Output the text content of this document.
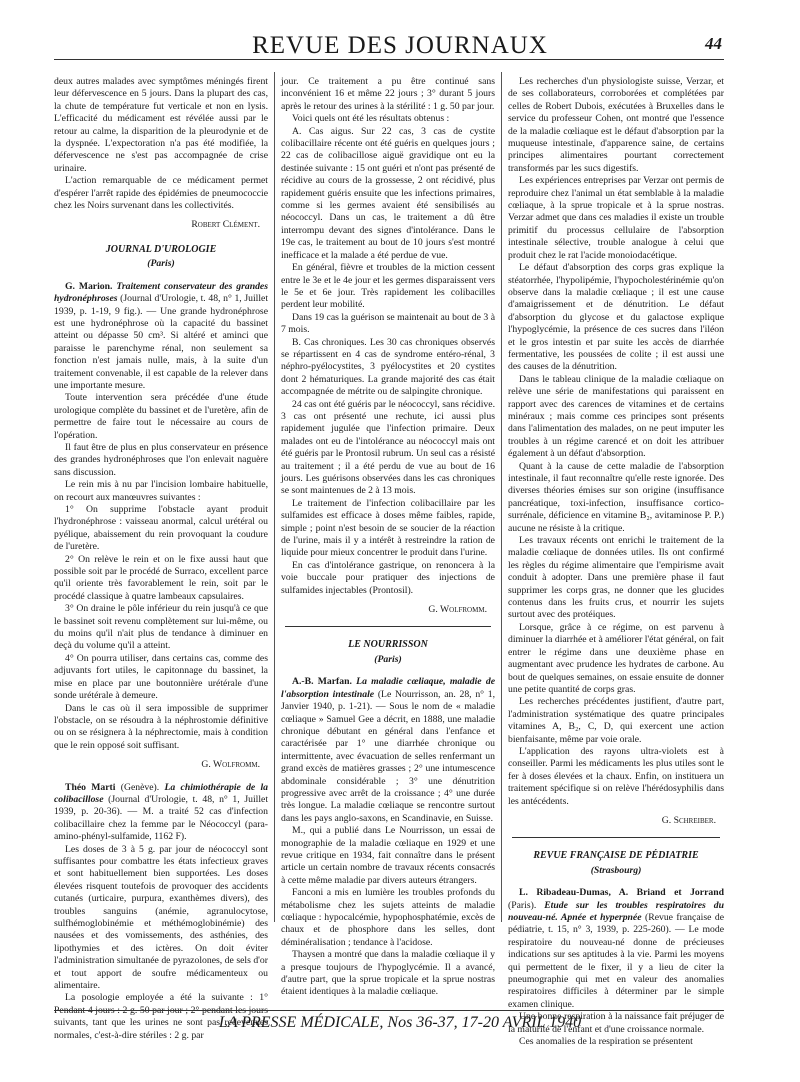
REVUE DES JOURNAUX	44

deux autres malades avec symptômes méningés firent leur défervescence en 5 jours. Dans la plupart des cas, la chute de température fut verticale et non en lysis. L'efficacité du médicament est révélée aussi par le retour au calme, la disparition de la pleurodynie et de la dyspnée. L'expectoration n'a pas été modifiée, la défervescence ne s'est pas accompagnée de crise urinaire.

L'action remarquable de ce médicament permet d'espérer l'arrêt rapide des épidémies de pneumococcie chez les Noirs survenant dans les collectivités.

Robert Clément.
JOURNAL D'UROLOGIE
(Paris)

G. Marion. Traitement conservateur des grandes hydronéphroses (Journal d'Urologie, t. 48, n° 1, Juillet 1939, p. 1-19, 9 fig.). — Une grande hydronéphrose est une hydronéphrose où la capacité du bassinet atteint ou dépasse 50 cm³. Si altéré et aminci que paraisse le parenchyme rénal, non seulement sa fonction n'est jamais nulle, mais, à la suite d'un traitement convenable, il est capable de la relever dans une importante mesure.

Toute intervention sera précédée d'une étude urologique complète du bassinet et de l'uretère, afin de permettre de faire tout le nécessaire au cours de l'opération.

Il faut être de plus en plus conservateur en présence des grandes hydronéphroses que l'on enlevait naguère sans discussion.

Le rein mis à nu par l'incision lombaire habituelle, on recourt aux manœuvres suivantes :

1° On supprime l'obstacle ayant produit l'hydronéphrose : vaisseau anormal, calcul urétéral ou pyélique, abaissement du rein provoquant la coudure de l'uretère.

2° On relève le rein et on le fixe aussi haut que possible soit par le procédé de Surraco, excellent parce qu'il oriente très favorablement le rein, soit par le procédé classique à quatre lambeaux capsulaires.

3° On draine le pôle inférieur du rein jusqu'à ce que le bassinet soit revenu complètement sur lui-même, ou du moins qu'il n'ait plus de tendance à diminuer en deçà du volume qu'il a atteint.

4° On pourra utiliser, dans certains cas, comme des adjuvants fort utiles, le capitonnage du bassinet, la mise en place par une boutonnière urétérale d'une sonde urétérale à demeure.

Dans le cas où il sera impossible de supprimer l'obstacle, on se résoudra à la néphrostomie définitive ou on se résignera à la néphrectomie, mais à condition que le rein opposé soit suffisant.

G. Wolfromm.

Théo Marti (Genève). La chimiothérapie de la colibacillose (Journal d'Urologie, t. 48, n° 1, Juillet 1939, p. 20-36). — M. a traité 52 cas d'infection colibacillaire chez la femme par le Néococcyl (para-amino-phényl-sulfamide, 1162 F).

Les doses de 3 à 5 g. par jour de néococcyl sont suffisantes pour combattre les états infectieux graves et sont habituellement bien supportées. Les doses élevées risquent toutefois de provoquer des accidents cutanés (urticaire, purpura, exanthèmes divers), des troubles sanguins (anémie, agranulocytose, sulfhémoglobinémie et méthémoglobinémie) des nausées et des vomissements, des asthénies, des lipothymies et des ictères. On doit éviter l'administration simultanée de pyrazolones, de sels d'or et tout apport de soufre médicamenteux ou alimentaire.

La posologie employée a été la suivante : 1° Pendant 4 jours : 2 g. 50 par jour ; 2° pendant les jours suivants, tant que les urines ne sont pas redevenues normales, c'est-à-dire stériles : 2 g. par

jour. Ce traitement a pu être continué sans inconvénient 16 et même 22 jours ; 3° durant 5 jours après le retour des urines à la stérilité : 1 g. 50 par jour.

Voici quels ont été les résultats obtenus :

A. Cas aigus. Sur 22 cas, 3 cas de cystite colibacillaire récente ont été guéris en quelques jours ; 22 cas de colibacillose aiguë gravidique ont eu la destinée suivante : 15 ont guéri et n'ont pas présenté de récidive au cours de la grossesse, 2 ont récidivé, plus rapidement guéris ensuite que les infections primaires, comme si les germes avaient été sensibilisés au néococcyl. Dans un cas, le traitement a dû être interrompu devant des signes d'intolérance. Dans le 19e cas, le traitement au bout de 10 jours s'est montré inefficace et la malade a été perdue de vue.

En général, fièvre et troubles de la miction cessent entre le 3e et le 4e jour et les germes disparaissent vers le 5e et 6e jour. Très rapidement les colibacilles perdent leur mobilité.

Dans 19 cas la guérison se maintenait au bout de 3 à 7 mois.

B. Cas chroniques. Les 30 cas chroniques observés se répartissent en 4 cas de syndrome entéro-rénal, 3 néphro-pyélocystites, 3 pyélocystites et 20 cystites dont 2 hématuriques. La grande majorité des cas était accompagnée de métrite ou de salpingite chronique.

24 cas ont été guéris par le néococcyl, sans récidive. 3 cas ont présenté une rechute, ici aussi plus rapidement jugulée que l'infection primaire. Deux malades ont eu de l'intolérance au néococcyl mais ont été guéris par le Prontosil rubrum. Un seul cas a résisté au traitement ; il a été perdu de vue au bout de 16 jours. Les guérisons observées dans les cas chroniques se sont maintenues de 2 à 13 mois.

Le traitement de l'infection colibacillaire par les sulfamides est efficace à doses même faibles, rapide, simple ; point n'est besoin de se soucier de la réaction de l'urine, mais il y a intérêt à restreindre la ration de liquide pour mieux concentrer le produit dans l'urine.

En cas d'intolérance gastrique, on renoncera à la voie buccale pour pratiquer des injections de sulfamides injectables (Prontosil).

G. Wolfromm.
LE NOURRISSON
(Paris)

A.-B. Marfan. La maladie cœliaque, maladie de l'absorption intestinale (Le Nourrisson, an. 28, n° 1, Janvier 1940, p. 1-21). — Sous le nom de « maladie cœliaque » Samuel Gee a décrit, en 1888, une maladie chronique débutant en général dans l'enfance et caractérisée par 1° une diarrhée chronique ou intermittente, avec évacuation de selles renfermant un grand excès de matières grasses ; 2° une intumescence abdominale considérable ; 3° une dénutrition progressive avec arrêt de la croissance ; 4° une durée très longue. La maladie cœliaque se rencontre surtout dans les pays anglo-saxons, en Scandinavie, en Suisse.

M., qui a publié dans Le Nourrisson, un essai de monographie de la maladie cœliaque en 1929 et une revue critique en 1934, fait connaître dans le présent article un certain nombre de travaux récents consacrés à cette même maladie par divers auteurs étrangers.

Fanconi a mis en lumière les troubles profonds du métabolisme chez les sujets atteints de maladie cœliaque : hypocalcémie, hypophosphatémie, excès de chaux et de phosphore dans les selles, dont déminéralisation ; tendance à l'acidose.

Thaysen a montré que dans la maladie cœliaque il y a presque toujours de l'hypoglycémie. Il a avancé, d'autre part, que la sprue tropicale et la sprue nostras étaient identiques à la maladie cœliaque.

Les recherches d'un physiologiste suisse, Verzar, et de ses collaborateurs, corroborées et complétées par celles de Robert Dubois, exécutées à Bruxelles dans le service du professeur Cohen, ont montré que l'essence de la maladie cœliaque est le défaut d'absorption par la muqueuse intestinale, d'apparence saine, de certains principes alimentaires pourtant correctement transformés par les sucs digestifs.

Les expériences entreprises par Verzar ont permis de reproduire chez l'animal un état semblable à la maladie cœliaque, à la sprue tropicale et à la sprue nostras. Verzar admet que dans ces maladies il existe un trouble primitif du processus cellulaire de l'absorption intestinale sélective, trouble analogue à celui que produit chez le rat l'acide monoiodacétique.

Le défaut d'absorption des corps gras explique la stéatorrhée, l'hypolipémie, l'hypocholestérinémie qu'on observe dans la maladie cœliaque ; il est une cause d'amaigrissement et de dénutrition. Le défaut d'absorption du glycose et du galactose explique l'hypoglycémie, la présence de ces sucres dans l'iléon et le gros intestin et par suite les accès de diarrhée fermentative, les poussées de colite ; il est aussi une des causes de la dénutrition.

Dans le tableau clinique de la maladie cœliaque on relève une série de manifestations qui paraissent en rapport avec des carences de vitamines et de certains minéraux ; mais comme ces principes sont présents dans l'alimentation des malades, on ne peut imputer les troubles à un régime carencé et on doit les attribuer également à un défaut d'absorption.

Quant à la cause de cette maladie de l'absorption intestinale, il faut reconnaître qu'elle reste ignorée. Des diverses théories émises sur son origine (insuffisance pancréatique, toxi-infection, insuffisance cortico-surrénale, déficience en vitamine B₂, avitaminose P. P.) aucune ne résiste à la critique.

Les travaux récents ont enrichi le traitement de la maladie cœliaque de données utiles. Ils ont confirmé les règles du régime alimentaire que l'empirisme avait conduit à adopter. Dans une première phase il faut supprimer les corps gras, ne donner que les glucides contenus dans les fruits crus, et nourrir les sujets surtout avec des protéiques.

Lorsque, grâce à ce régime, on est parvenu à diminuer la diarrhée et à améliorer l'état général, on fait entrer le régime dans une deuxième phase en augmentant avec prudence les hydrates de carbone. Au bout de quelques semaines, on essaie ensuite de donner une petite quantité de corps gras.

Les recherches précédentes justifient, d'autre part, l'administration systématique des quatre principales vitamines A, B₂, C, D, qui exercent une action bienfaisante, même par voie orale.

L'application des rayons ultra-violets est à conseiller. Parmi les médicaments les plus utiles sont le fer à doses élevées et la chaux. Enfin, on instituera un traitement spécifique si on relève l'hérédosyphilis dans les antécédents.

G. Schreiber.
REVUE FRANÇAISE DE PÉDIATRIE
(Strasbourg)

L. Ribadeau-Dumas, A. Briand et Jorrand (Paris). Etude sur les troubles respiratoires du nouveau-né. Apnée et hyperpnée (Revue française de pédiatrie, t. 15, n° 3, 1939, p. 225-260). — Le mode respiratoire du nouveau-né donne de précieuses indications sur ses aptitudes à la vie. Parmi les moyens qui permettent de le fixer, il y a lieu de citer la pneumographie qui met en valeur des anomalies respiratoires difficiles à déterminer par le simple examen clinique.

Une bonne respiration à la naissance fait préjuger de la maturité de l'enfant et d'une croissance normale.

Ces anomalies de la respiration se présentent

LA PRESSE MÉDICALE, Nos 36-37, 17-20 AVRIL 1940
